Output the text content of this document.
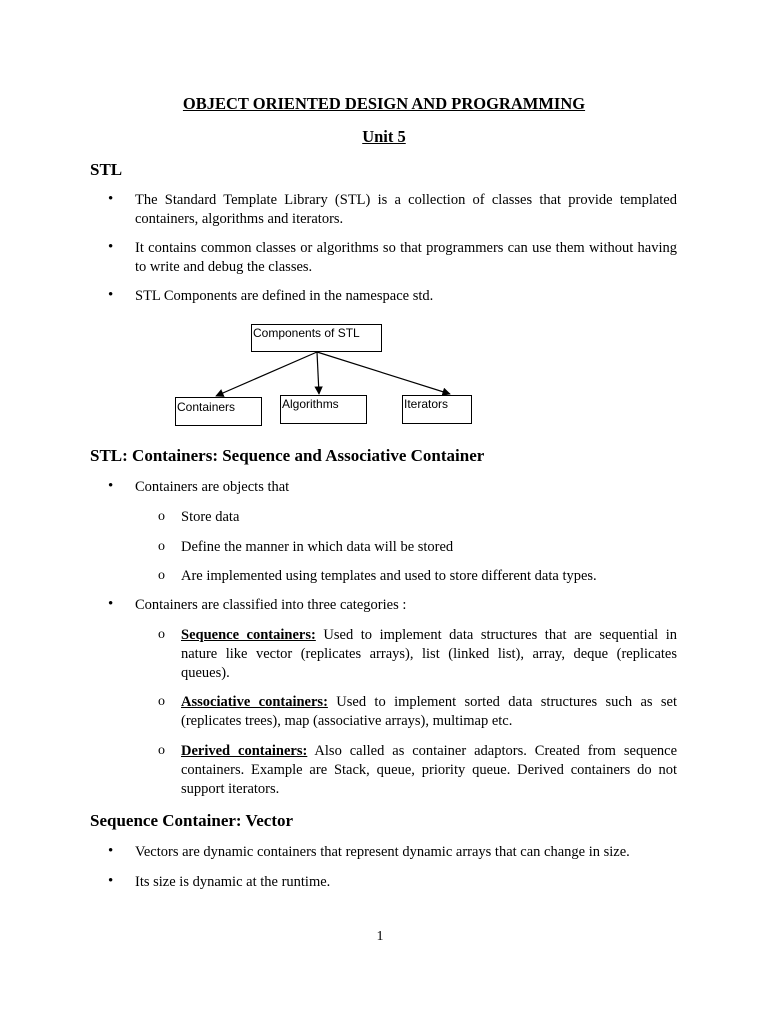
OBJECT ORIENTED DESIGN AND PROGRAMMING
Unit 5
STL
• The Standard Template Library (STL) is a collection of classes that provide templated containers, algorithms and iterators.
• It contains common classes or algorithms so that programmers can use them without having to write and debug the classes.
• STL Components are defined in the namespace std.
Components of STL
Containers	Algorithms	Iterators
STL: Containers: Sequence and Associative Container
• Containers are objects that
o Store data
o Define the manner in which data will be stored
o Are implemented using templates and used to store different data types.
• Containers are classified into three categories :
o Sequence containers: Used to implement data structures that are sequential in nature like vector (replicates arrays), list (linked list), array, deque (replicates queues).
o Associative containers: Used to implement sorted data structures such as set (replicates trees), map (associative arrays), multimap etc.
o Derived containers: Also called as container adaptors. Created from sequence containers. Example are Stack, queue, priority queue. Derived containers do not support iterators.
Sequence Container: Vector
• Vectors are dynamic containers that represent dynamic arrays that can change in size.
• Its size is dynamic at the runtime.
1
